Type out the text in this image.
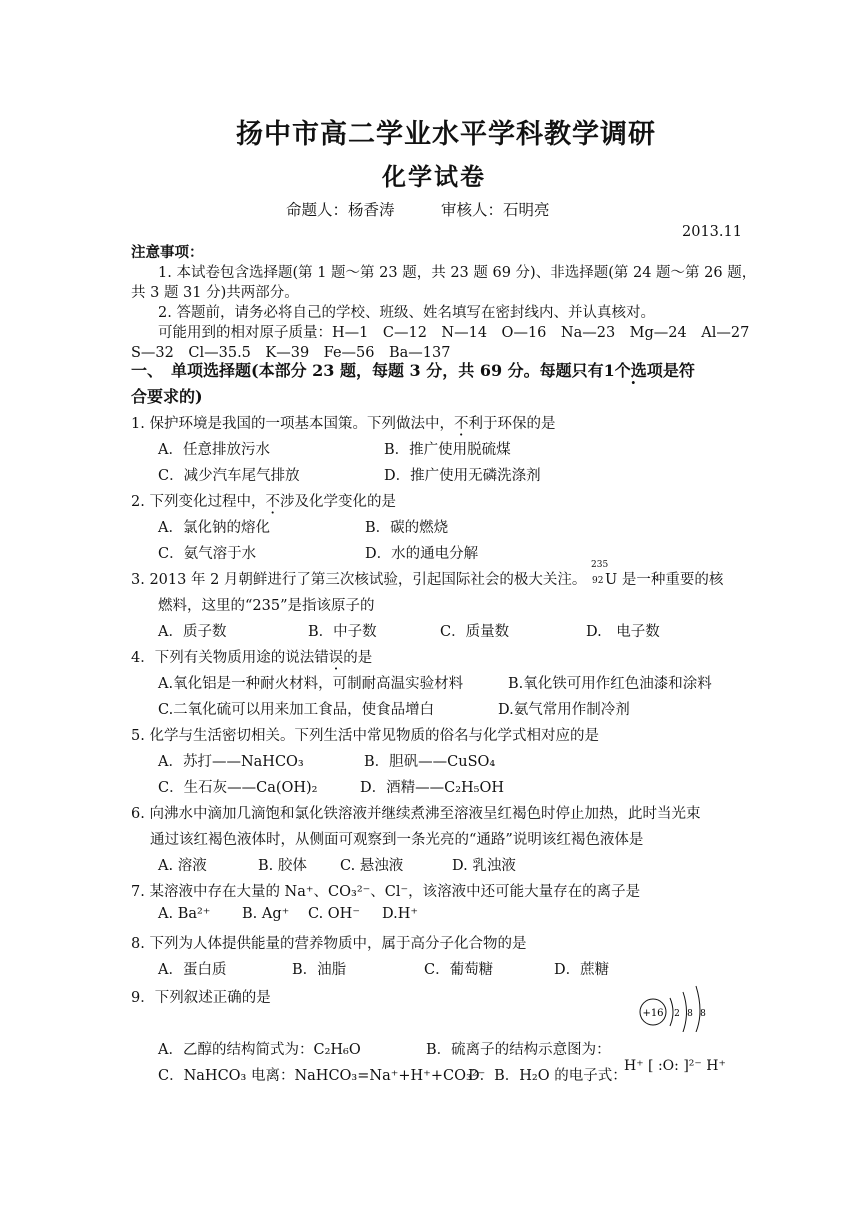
扬中市高二学业水平学科教学调研
化学试卷
命题人：杨香涛　　　审核人：石明亮
2013.11
注意事项：
1. 本试卷包含选择题(第 1 题～第 23 题，共 23 题 69 分)、非选择题(第 24 题～第 26 题，
共 3 题 31 分)共两部分。
2. 答题前，请务必将自己的学校、班级、姓名填写在密封线内、并认真核对。
可能用到的相对原子质量：H—1　C—12　N—14　O—16　Na—23　Mg—24　Al—27
S—32　Cl—35.5　K—39　Fe—56　Ba—137
一、　单项选择题(本部分 23 题，每题 3 分，共 69 分。每题只有1个选项 ·是符
合要求的)
1. 保护环境是我国的一项基本国策。下列做法中，不利于环保的是
A．任意排放污水	B．推广使用脱硫煤
C．减少汽车尾气排放	D．推广使用无磷洗涤剂
2. 下列变化过程中，不涉及化学变化的是
A．氯化钠的熔化	B．碳的燃烧
C．氨气溶于水	D．水的通电分解
3. 2013 年 2 月朝鲜进行了第三次核试验，引起国际社会的极大关注。
235
92 U 是一种重要的核
燃料，这里的“235”是指该原子的
A．质子数	B．中子数	C．质量数	D.　电子数
4．下列有关物质用途的说法错误的是
A.氧化铝是一种耐火材料，可制耐高温实验材料	B.氧化铁可用作红色油漆和涂料
C.二氧化硫可以用来加工食品，使食品增白	D.氨气常用作制冷剂
5. 化学与生活密切相关。下列生活中常见物质的俗名与化学式相对应的是
A．苏打——NaHCO₃	B．胆矾——CuSO₄
C．生石灰——Ca(OH)₂	D．酒精——C₂H₅OH
6. 向沸水中滴加几滴饱和氯化铁溶液并继续煮沸至溶液呈红褐色时停止加热，此时当光束
通过该红褐色液体时，从侧面可观察到一条光亮的“通路”说明该红褐色液体是
A. 溶液	B. 胶体 C. 悬浊液	D. 乳浊液
7. 某溶液中存在大量的 Na⁺、CO₃²⁻、Cl⁻，该溶液中还可能大量存在的离子是
A. Ba²⁺ B. Ag⁺ C. OH⁻ D.H⁺
8. 下列为人体提供能量的营养物质中，属于高分子化合物的是
A．蛋白质	B．油脂	C．葡萄糖	D．蔗糖
9．下列叙述正确的是
+16 2 8 8
A．乙醇的结构简式为：C₂H₆O	B．硫离子的结构示意图为：
C．NaHCO₃ 电离：NaHCO₃=Na⁺+H⁺+CO₃²⁻
D．B．H₂O 的电子式：
H⁺ [ :O: ]²⁻ H⁺
